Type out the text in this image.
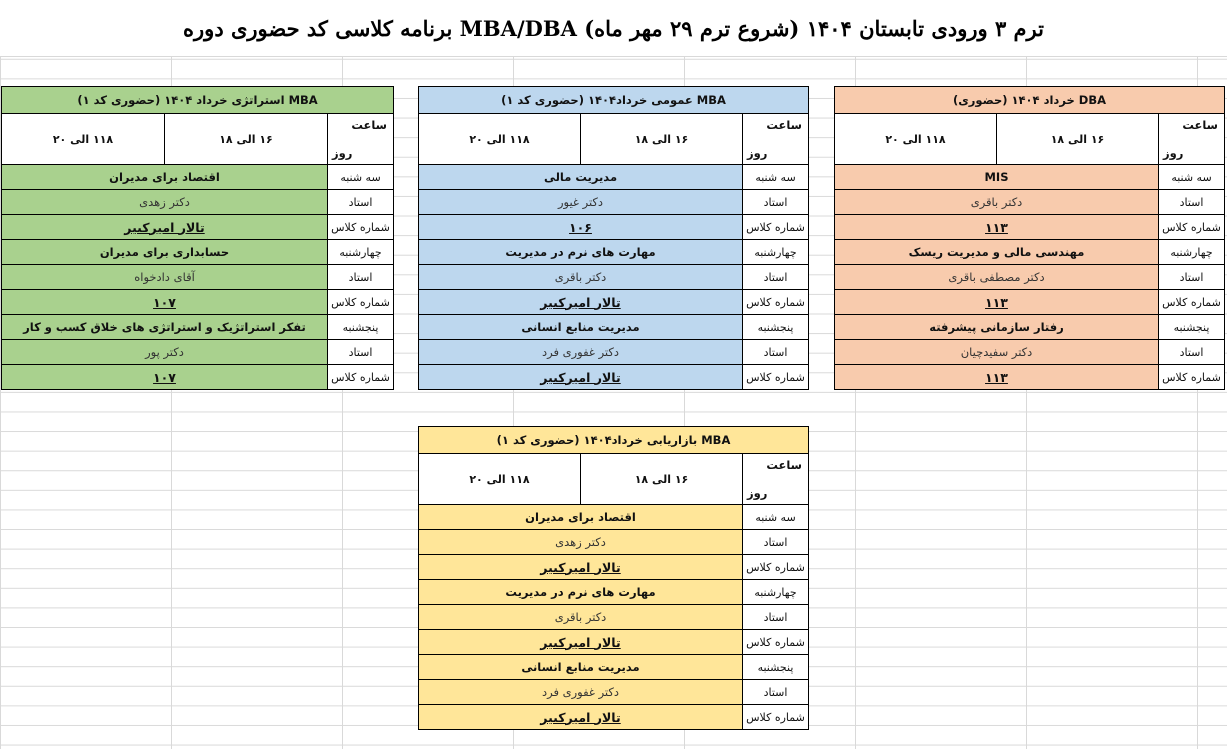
برنامه کلاسی کد حضوری دوره MBA/DBA ترم ۳ ورودی تابستان ۱۴۰۴ (شروع ترم ۲۹ مهر ماه)
DBA خرداد ۱۴۰۴ (حضوری)		

ساعت
روز	۱۶ الی ۱۸	۱۱۸ الی ۲۰
سه شنبه	MIS	
استاد	دکتر باقری	
شماره کلاس	۱۱۳	
چهارشنبه	مهندسی مالی و مدیریت ریسک	
استاد	دکتر مصطفی باقری	
شماره کلاس	۱۱۳	
پنجشنبه	رفتار سازمانی پیشرفته	
استاد	دکتر سفیدچیان	
شماره کلاس	۱۱۳	
MBA عمومی خرداد۱۴۰۴ (حضوری کد ۱)		

ساعت
روز	۱۶ الی ۱۸	۱۱۸ الی ۲۰
سه شنبه	مدیریت مالی	
استاد	دکتر غیور	
شماره کلاس	۱۰۶	
چهارشنبه	مهارت های نرم در مدیریت	
استاد	دکتر باقری	
شماره کلاس	تالار امیرکبیر	
پنجشنبه	مدیریت منابع انسانی	
استاد	دکتر غفوری فرد	
شماره کلاس	تالار امیرکبیر	
MBA استراتژی خرداد ۱۴۰۴ (حضوری کد ۱)		

ساعت
روز	۱۶ الی ۱۸	۱۱۸ الی ۲۰
سه شنبه	اقتصاد برای مدیران	
استاد	دکتر زهدی	
شماره کلاس	تالار امیرکبیر	
چهارشنبه	حسابداری برای مدیران	
استاد	آقای دادخواه	
شماره کلاس	۱۰۷	
پنجشنبه	تفکر استراتژیک و استراتژی های خلاق کسب و کار	
استاد	دکتر پور	
شماره کلاس	۱۰۷	
MBA بازاریابی خرداد۱۴۰۴ (حضوری کد ۱)		

ساعت
روز	۱۶ الی ۱۸	۱۱۸ الی ۲۰
سه شنبه	اقتصاد برای مدیران	
استاد	دکتر زهدی	
شماره کلاس	تالار امیرکبیر	
چهارشنبه	مهارت های نرم در مدیریت	
استاد	دکتر باقری	
شماره کلاس	تالار امیرکبیر	
پنجشنبه	مدیریت منابع انسانی	
استاد	دکتر غفوری فرد	
شماره کلاس	تالار امیرکبیر	
